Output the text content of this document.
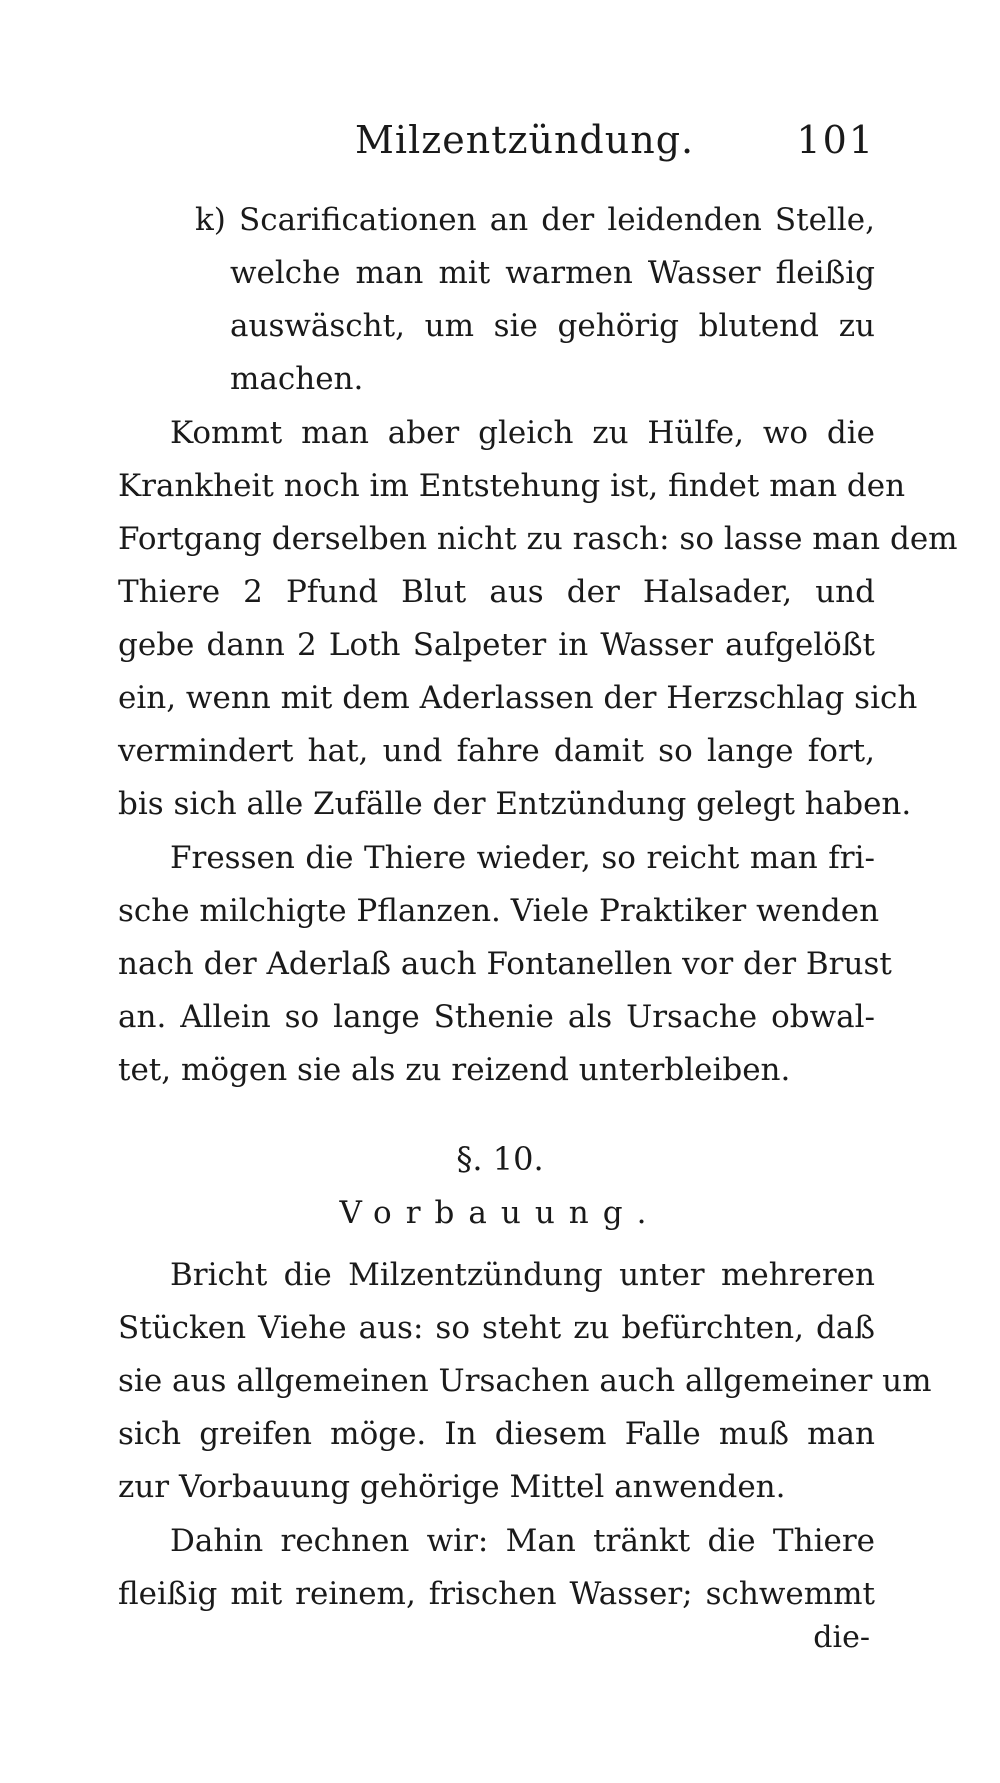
Milzentzündung.	101
k) Scarificationen an der leidenden Stelle,
welche man mit warmen Wasser fleißig
auswäscht, um sie gehörig blutend zu
machen.
Kommt man aber gleich zu Hülfe, wo die
Krankheit noch im Entstehung ist, findet man den
Fortgang derselben nicht zu rasch: so lasse man dem
Thiere 2 Pfund Blut aus der Halsader, und
gebe dann 2 Loth Salpeter in Wasser aufgelößt
ein, wenn mit dem Aderlassen der Herzschlag sich
vermindert hat, und fahre damit so lange fort,
bis sich alle Zufälle der Entzündung gelegt haben.
Fressen die Thiere wieder, so reicht man fri-
sche milchigte Pflanzen. Viele Praktiker wenden
nach der Aderlaß auch Fontanellen vor der Brust
an. Allein so lange Sthenie als Ursache obwal-
tet, mögen sie als zu reizend unterbleiben.
§. 10.
Vorbauung.
Bricht die Milzentzündung unter mehreren
Stücken Viehe aus: so steht zu befürchten, daß
sie aus allgemeinen Ursachen auch allgemeiner um
sich greifen möge. In diesem Falle muß man
zur Vorbauung gehörige Mittel anwenden.
Dahin rechnen wir: Man tränkt die Thiere
fleißig mit reinem, frischen Wasser; schwemmt
die-
